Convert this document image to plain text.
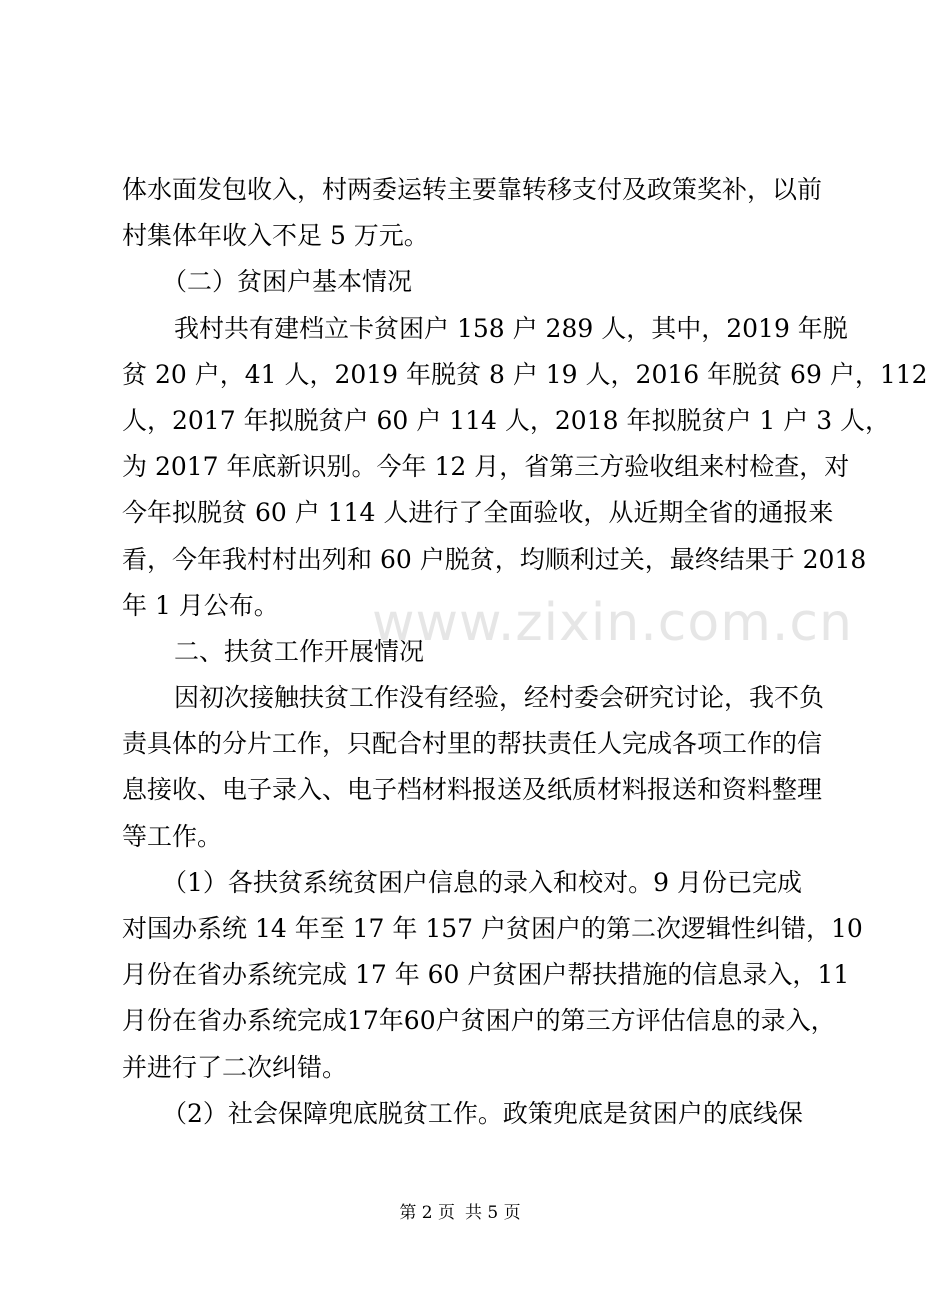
www.zixin.com.cn
体水面发包收入，村两委运转主要靠转移支付及政策奖补，以前
村集体年收入不足 5 万元。
（二）贫困户基本情况
我村共有建档立卡贫困户 158 户 289 人，其中，2019 年脱
贫 20 户，41 人，2019 年脱贫 8 户 19 人，2016 年脱贫 69 户，112
人，2017 年拟脱贫户 60 户 114 人，2018 年拟脱贫户 1 户 3 人，
为 2017 年底新识别。今年 12 月，省第三方验收组来村检查，对
今年拟脱贫 60 户 114 人进行了全面验收，从近期全省的通报来
看，今年我村村出列和 60 户脱贫，均顺利过关，最终结果于 2018
年 1 月公布。
二、扶贫工作开展情况
因初次接触扶贫工作没有经验，经村委会研究讨论，我不负
责具体的分片工作，只配合村里的帮扶责任人完成各项工作的信
息接收、电子录入、电子档材料报送及纸质材料报送和资料整理
等工作。
（1）各扶贫系统贫困户信息的录入和校对。9 月份已完成
对国办系统 14 年至 17 年 157 户贫困户的第二次逻辑性纠错，10
月份在省办系统完成 17 年 60 户贫困户帮扶措施的信息录入，11
月份在省办系统完成17年60户贫困户的第三方评估信息的录入，
并进行了二次纠错。
（2）社会保障兜底脱贫工作。政策兜底是贫困户的底线保
第 2 页 共 5 页
